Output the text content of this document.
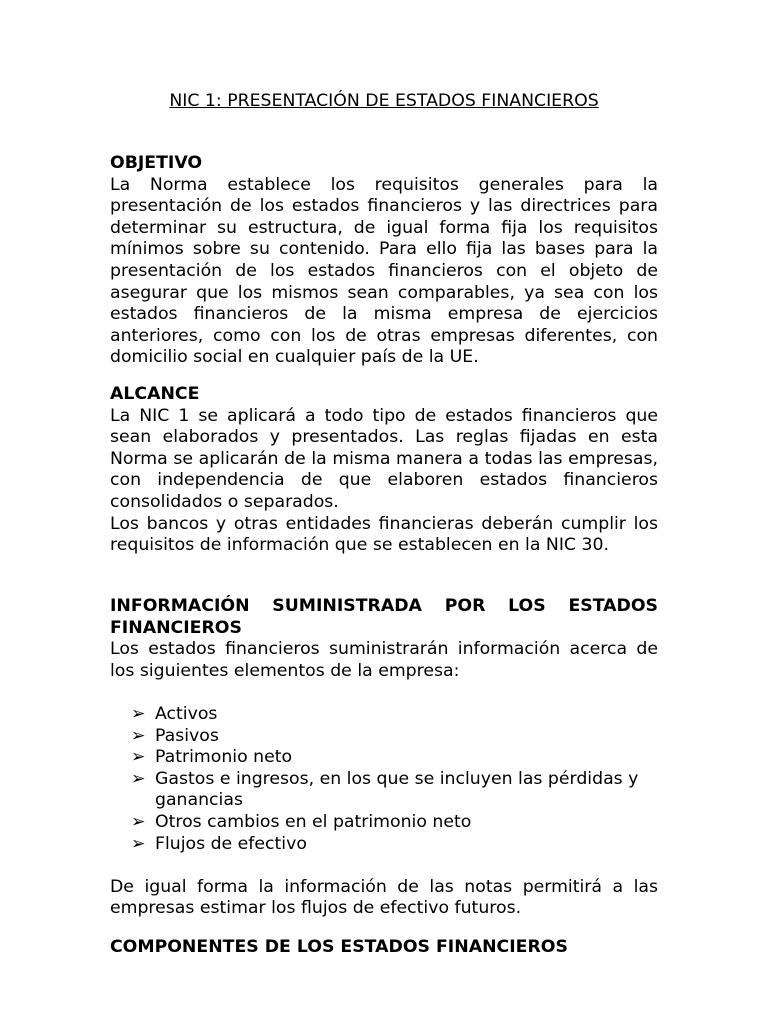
NIC 1: PRESENTACIÓN DE ESTADOS FINANCIEROS
OBJETIVO

La Norma establece los requisitos generales para la presentación de los estados financieros y las directrices para determinar su estructura, de igual forma fija los requisitos mínimos sobre su contenido. Para ello fija las bases para la presentación de los estados financieros con el objeto de asegurar que los mismos sean comparables, ya sea con los estados financieros de la misma empresa de ejercicios anteriores, como con los de otras empresas diferentes, con domicilio social en cualquier país de la UE.

ALCANCE

La NIC 1 se aplicará a todo tipo de estados financieros que sean elaborados y presentados. Las reglas fijadas en esta Norma se aplicarán de la misma manera a todas las empresas, con independencia de que elaboren estados financieros consolidados o separados.

Los bancos y otras entidades financieras deberán cumplir los requisitos de información que se establecen en la NIC 30.

INFORMACIÓN SUMINISTRADA POR LOS ESTADOS FINANCIEROS

Los estados financieros suministrarán información acerca de los siguientes elementos de la empresa:

➢ Activos
➢ Pasivos
➢ Patrimonio neto
➢ Gastos e ingresos, en los que se incluyen las pérdidas y ganancias
➢ Otros cambios en el patrimonio neto
➢ Flujos de efectivo

De igual forma la información de las notas permitirá a las empresas estimar los flujos de efectivo futuros.

COMPONENTES DE LOS ESTADOS FINANCIEROS
